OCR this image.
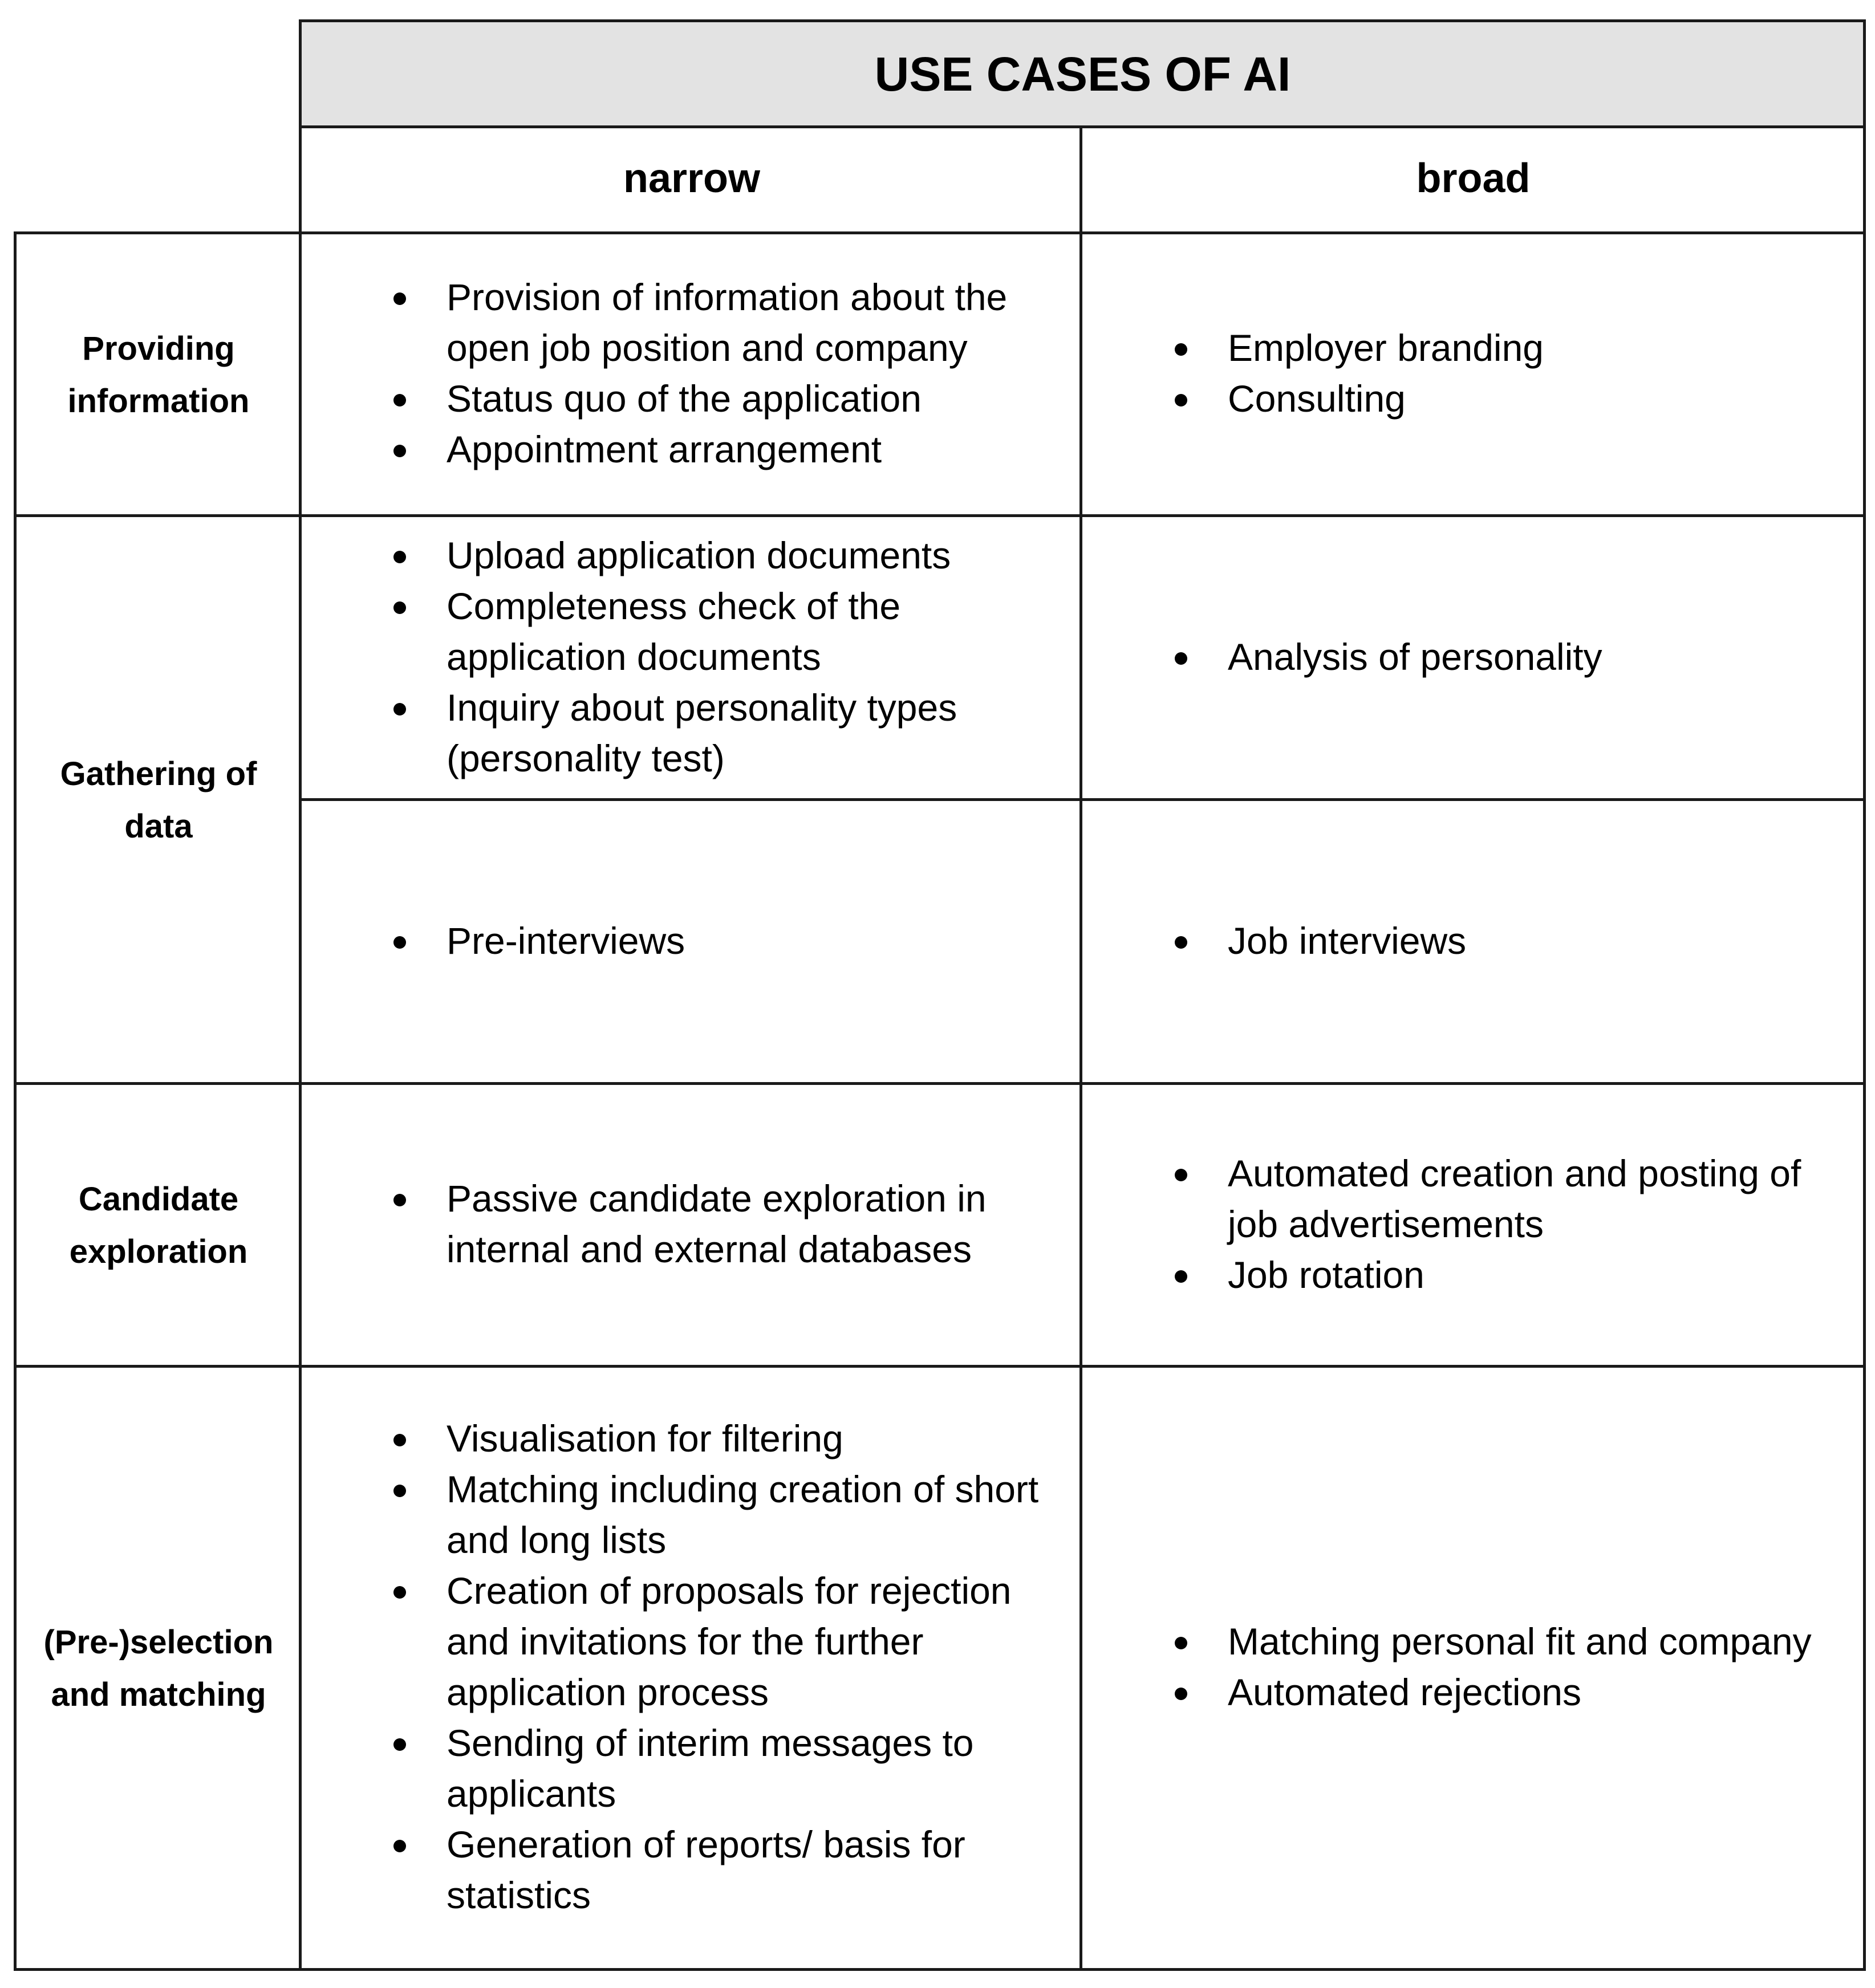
USE CASES OF AI
narrow	broad
Providing information
Gathering of data
Candidate exploration
(Pre-)selection and matching
Provision of information about the open job position and company
Status quo of the application
Appointment arrangement
Employer branding
Consulting
Upload application documents
Completeness check of the application documents
Inquiry about personality types (personality test)
Analysis of personality
Pre-interviews	Job interviews
Passive candidate exploration in internal and external databases
Automated creation and posting of job advertisements
Job rotation
Visualisation for filtering
Matching including creation of short and long lists
Creation of proposals for rejection and invitations for the further application process
Sending of interim messages to applicants
Generation of reports/ basis for statistics
Matching personal fit and company
Automated rejections
